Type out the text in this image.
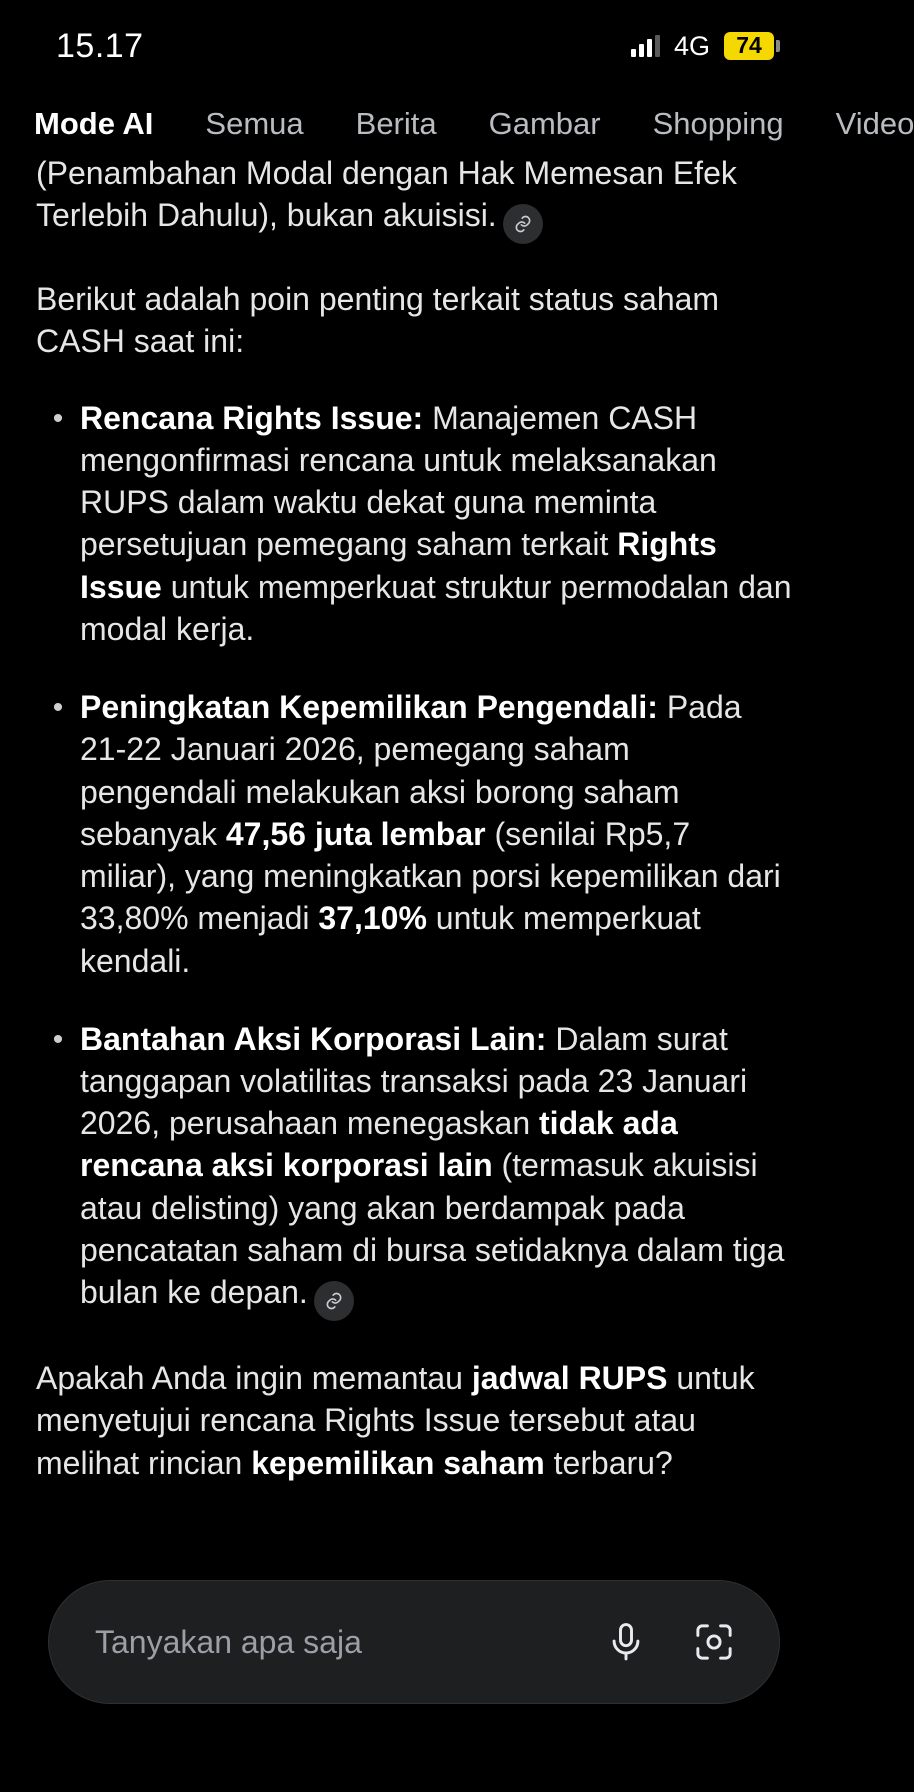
15.17	4G	74
Mode AI Semua Berita Gambar Shopping Video
(Penambahan Modal dengan Hak Memesan Efek
Terlebih Dahulu), bukan akuisisi.
Berikut adalah poin penting terkait status saham CASH saat ini:
• Rencana Rights Issue: Manajemen CASH mengonfirmasi rencana untuk melaksanakan RUPS dalam waktu dekat guna meminta persetujuan pemegang saham terkait Rights Issue untuk memperkuat struktur permodalan dan modal kerja.
• Peningkatan Kepemilikan Pengendali: Pada 21-22 Januari 2026, pemegang saham pengendali melakukan aksi borong saham sebanyak 47,56 juta lembar (senilai Rp5,7 miliar), yang meningkatkan porsi kepemilikan dari 33,80% menjadi 37,10% untuk memperkuat kendali.
• Bantahan Aksi Korporasi Lain: Dalam surat tanggapan volatilitas transaksi pada 23 Januari 2026, perusahaan menegaskan tidak ada rencana aksi korporasi lain (termasuk akuisisi atau delisting) yang akan berdampak pada pencatatan saham di bursa setidaknya dalam tiga bulan ke depan.
Apakah Anda ingin memantau jadwal RUPS untuk menyetujui rencana Rights Issue tersebut atau melihat rincian kepemilikan saham terbaru?
Tanyakan apa saja
